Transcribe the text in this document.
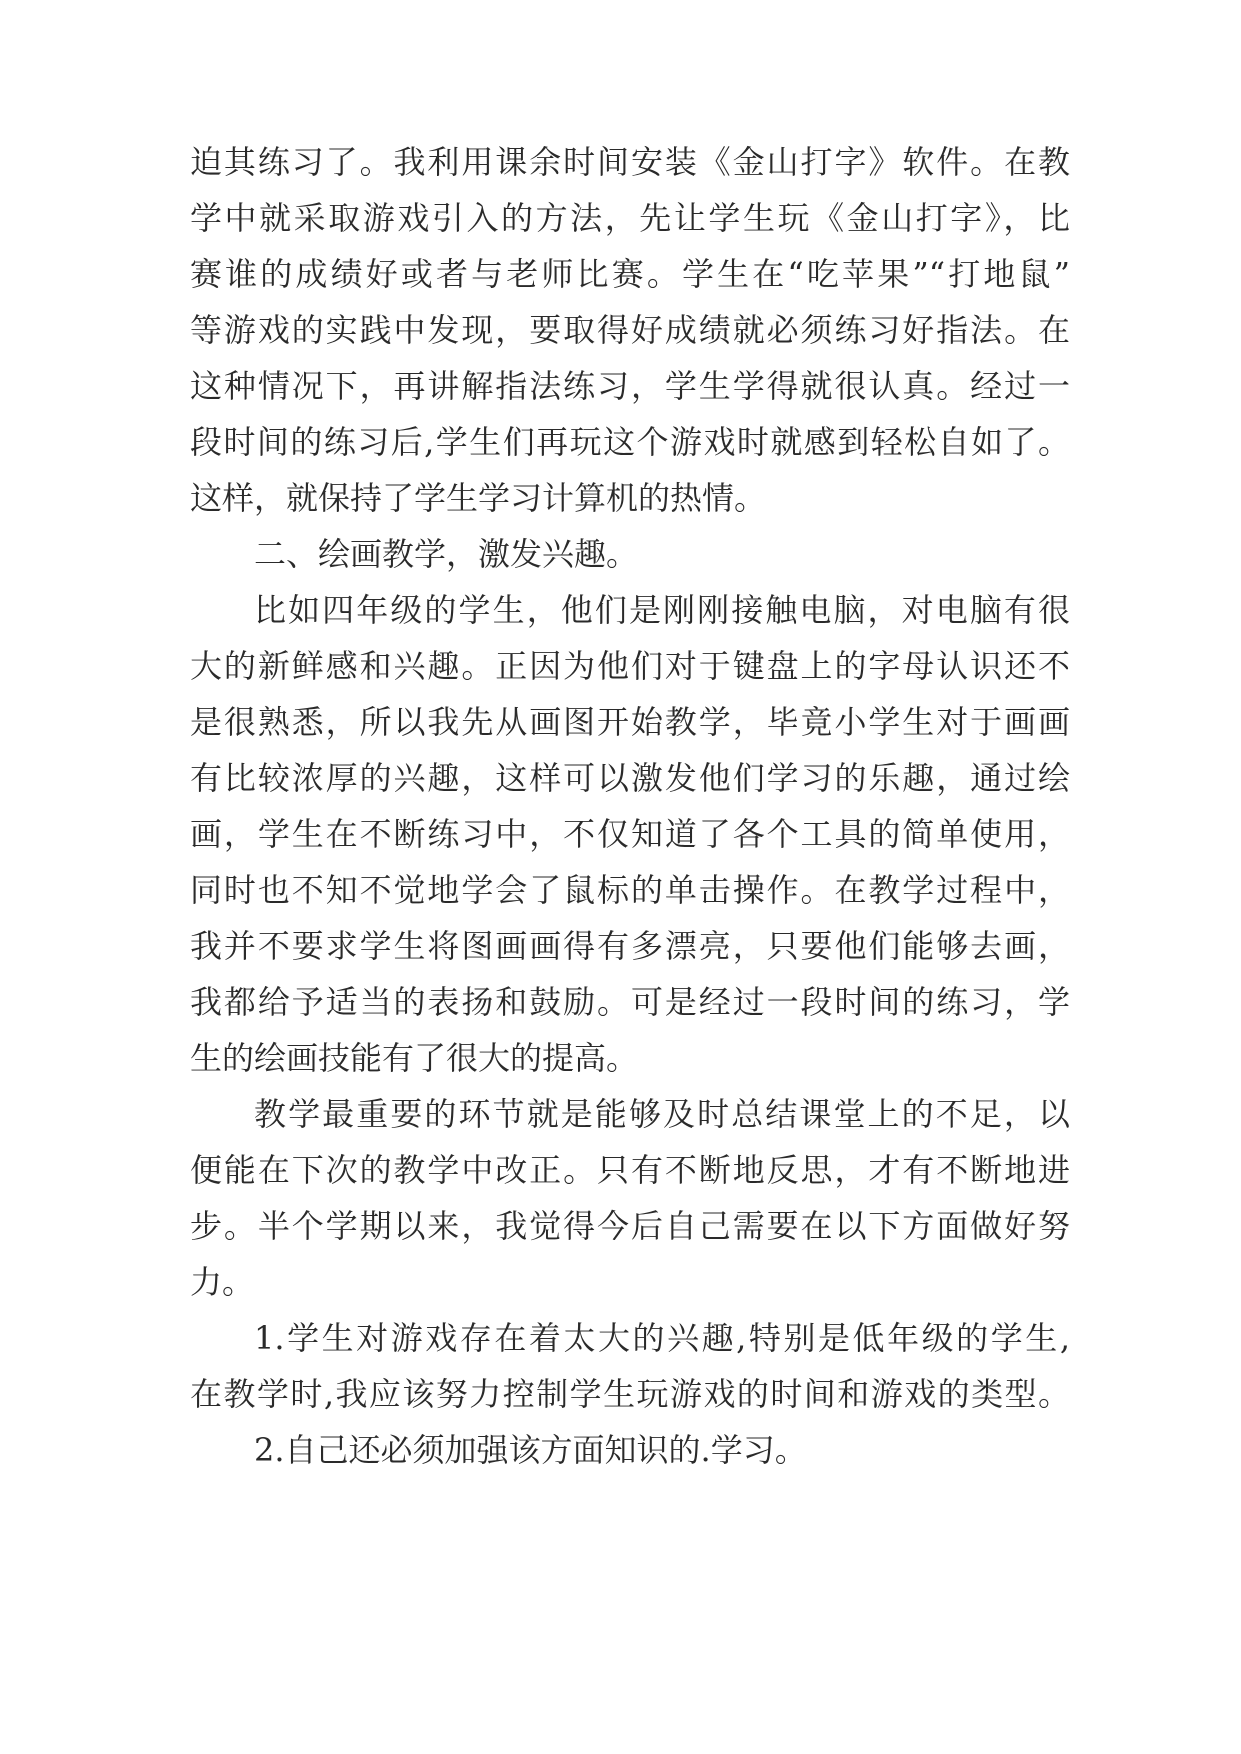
迫其练习了。我利用课余时间安装《金山打字》软件。在教
学中就采取游戏引入的方法，先让学生玩《金山打字》，比
赛谁的成绩好或者与老师比赛。学生在“吃苹果”“打地鼠”
等游戏的实践中发现，要取得好成绩就必须练习好指法。在
这种情况下，再讲解指法练习，学生学得就很认真。经过一
段时间的练习后,学生们再玩这个游戏时就感到轻松自如了。
这样，就保持了学生学习计算机的热情。
二、绘画教学，激发兴趣。
比如四年级的学生，他们是刚刚接触电脑，对电脑有很
大的新鲜感和兴趣。正因为他们对于键盘上的字母认识还不
是很熟悉，所以我先从画图开始教学，毕竟小学生对于画画
有比较浓厚的兴趣，这样可以激发他们学习的乐趣，通过绘
画，学生在不断练习中，不仅知道了各个工具的简单使用，
同时也不知不觉地学会了鼠标的单击操作。在教学过程中，
我并不要求学生将图画画得有多漂亮，只要他们能够去画，
我都给予适当的表扬和鼓励。可是经过一段时间的练习，学
生的绘画技能有了很大的提高。
教学最重要的环节就是能够及时总结课堂上的不足，以
便能在下次的教学中改正。只有不断地反思，才有不断地进
步。半个学期以来，我觉得今后自己需要在以下方面做好努
力。
1.学生对游戏存在着太大的兴趣,特别是低年级的学生,
在教学时,我应该努力控制学生玩游戏的时间和游戏的类型。
2.自己还必须加强该方面知识的.学习。
